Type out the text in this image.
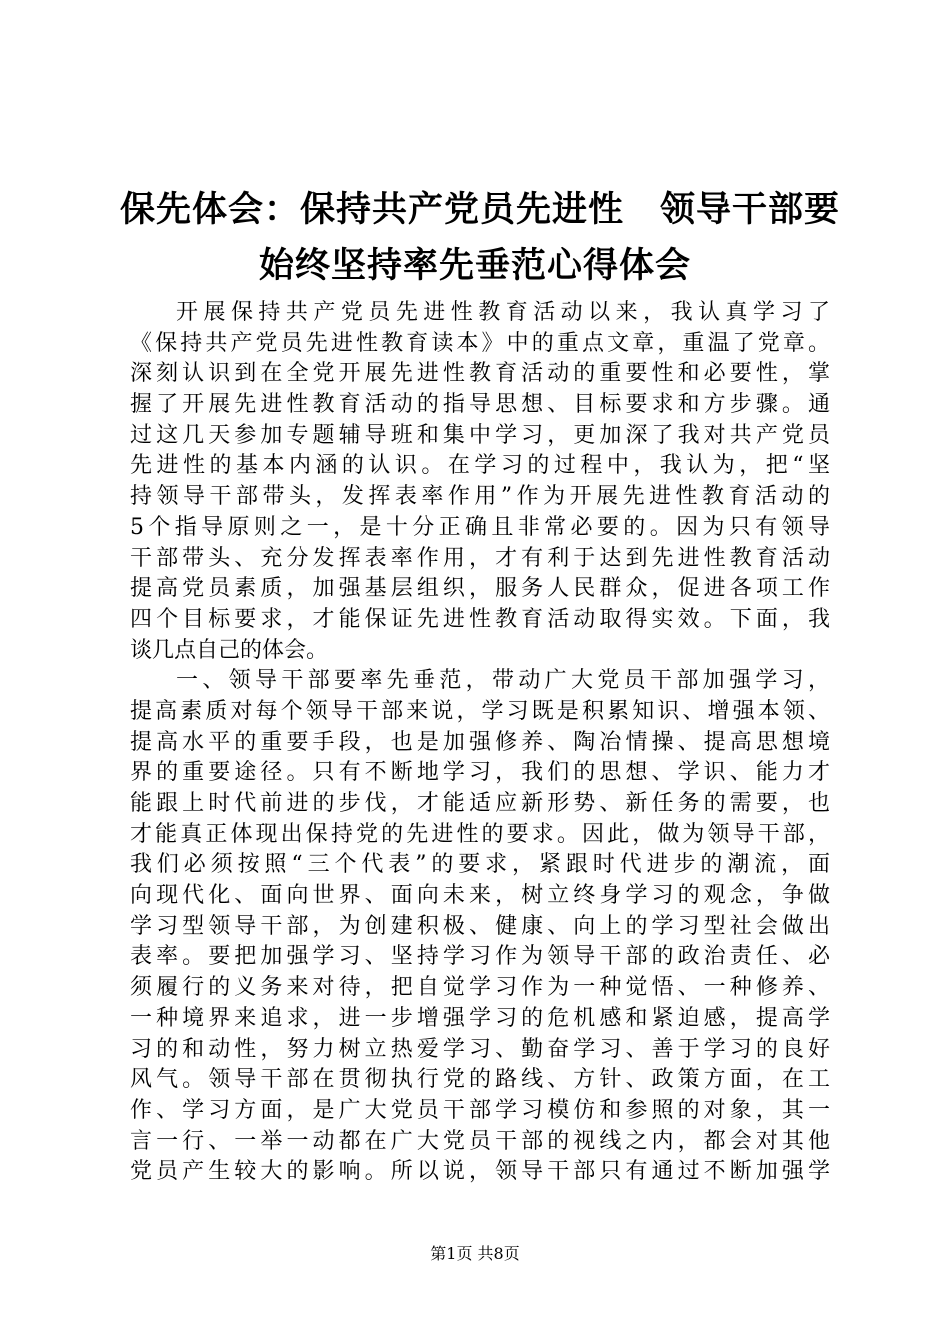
保先体会：保持共产党员先进性　领导干部要
始终坚持率先垂范心得体会
开展保持共产党员先进性教育活动以来，我认真学习了
《保持共产党员先进性教育读本》中的重点文章，重温了党章。
深刻认识到在全党开展先进性教育活动的重要性和必要性，掌
握了开展先进性教育活动的指导思想、目标要求和方步骤。通
过这几天参加专题辅导班和集中学习，更加深了我对共产党员
先进性的基本内涵的认识。在学习的过程中，我认为，把“坚
持领导干部带头，发挥表率作用”作为开展先进性教育活动的
5个指导原则之一，是十分正确且非常必要的。因为只有领导
干部带头、充分发挥表率作用，才有利于达到先进性教育活动
提高党员素质，加强基层组织，服务人民群众，促进各项工作
四个目标要求，才能保证先进性教育活动取得实效。下面，我
谈几点自己的体会。
一、领导干部要率先垂范，带动广大党员干部加强学习，
提高素质对每个领导干部来说，学习既是积累知识、增强本领、
提高水平的重要手段，也是加强修养、陶冶情操、提高思想境
界的重要途径。只有不断地学习，我们的思想、学识、能力才
能跟上时代前进的步伐，才能适应新形势、新任务的需要，也
才能真正体现出保持党的先进性的要求。因此，做为领导干部，
我们必须按照“三个代表”的要求，紧跟时代进步的潮流，面
向现代化、面向世界、面向未来，树立终身学习的观念，争做
学习型领导干部，为创建积极、健康、向上的学习型社会做出
表率。要把加强学习、坚持学习作为领导干部的政治责任、必
须履行的义务来对待，把自觉学习作为一种觉悟、一种修养、
一种境界来追求，进一步增强学习的危机感和紧迫感，提高学
习的和动性，努力树立热爱学习、勤奋学习、善于学习的良好
风气。领导干部在贯彻执行党的路线、方针、政策方面，在工
作、学习方面，是广大党员干部学习模仿和参照的对象，其一
言一行、一举一动都在广大党员干部的视线之内，都会对其他
党员产生较大的影响。所以说，领导干部只有通过不断加强学
第1页 共8页
